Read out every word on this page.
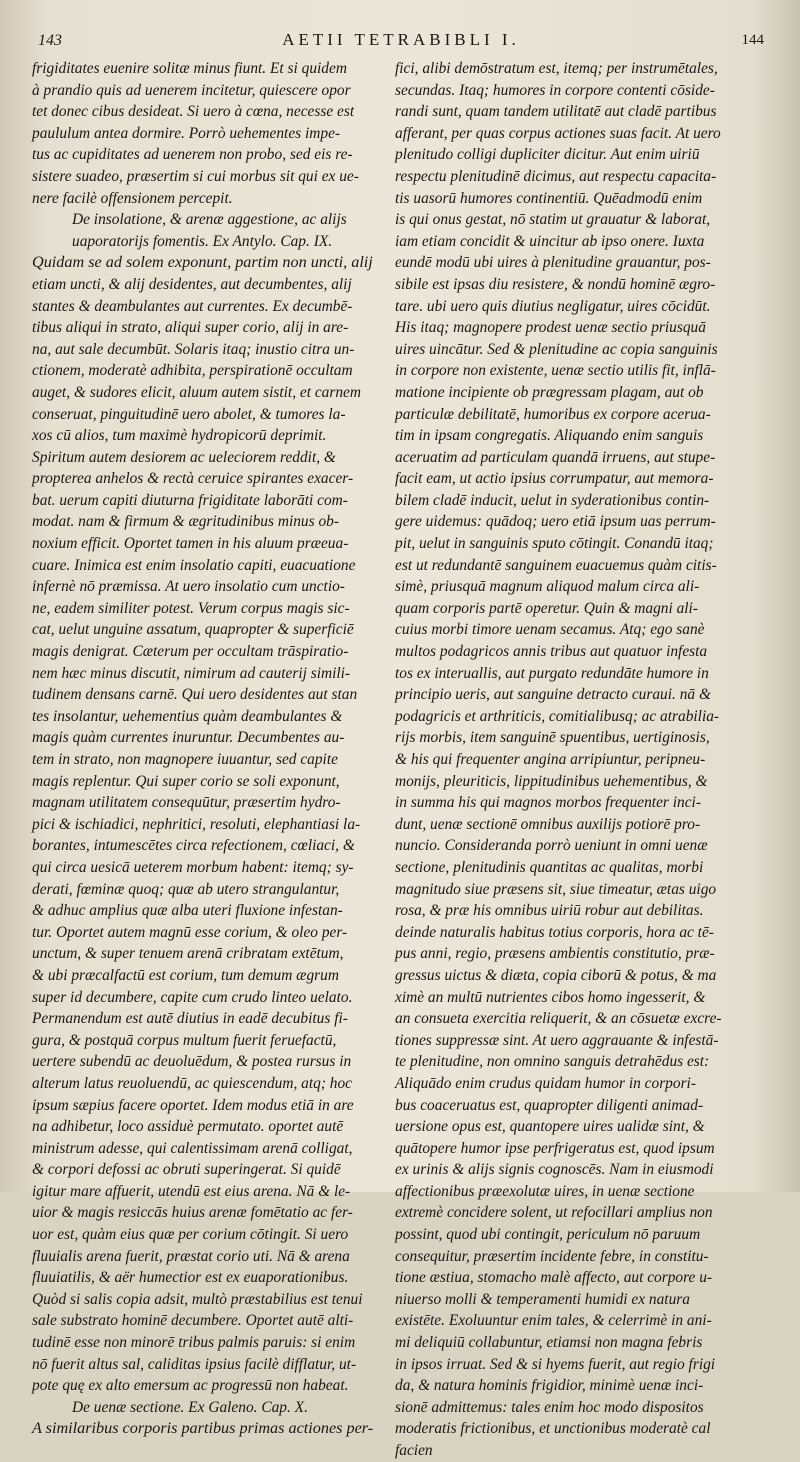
143	AETII TETRABIBLI I.	144
frigiditates euenire solitæ minus fiunt. Et si quidem
à prandio quis ad uenerem incitetur, quiescere opor
tet donec cibus desideat. Si uero à cœna, necesse est
paululum antea dormire. Porrò uehementes impe-
tus ac cupiditates ad uenerem non probo, sed eis re-
sistere suadeo, præsertim si cui morbus sit qui ex ue-
nere facilè offensionem percepit.
De insolatione, & arenæ aggestione, ac alijs
uaporatorijs fomentis. Ex Antylo. Cap. IX.
Quidam se ad solem exponunt, partim non uncti, alij
etiam uncti, & alij desidentes, aut decumbentes, alij
stantes & deambulantes aut currentes. Ex decumbē-
tibus aliqui in strato, aliqui super corio, alij in are-
na, aut sale decumbūt. Solaris itaq; inustio citra un-
ctionem, moderatè adhibita, perspirationē occultam
auget, & sudores elicit, aluum autem sistit, et carnem
conseruat, pinguitudinē uero abolet, & tumores la-
xos cū alios, tum maximè hydropicorū deprimit.
Spiritum autem desiorem ac ueleciorem reddit, &
propterea anhelos & rectà ceruice spirantes exacer-
bat. uerum capiti diuturna frigiditate laborāti com-
modat. nam & firmum & ægritudinibus minus ob-
noxium efficit. Oportet tamen in his aluum præeua-
cuare. Inimica est enim insolatio capiti, euacuatione
infernè nō præmissa. At uero insolatio cum unctio-
ne, eadem similiter potest. Verum corpus magis sic-
cat, uelut unguine assatum, quapropter & superficiē
magis denigrat. Cæterum per occultam trāspiratio-
nem hæc minus discutit, nimirum ad cauterij simili-
tudinem densans carnē. Qui uero desidentes aut stan
tes insolantur, uehementius quàm deambulantes &
magis quàm currentes inuruntur. Decumbentes au-
tem in strato, non magnopere iuuantur, sed capite
magis replentur. Qui super corio se soli exponunt,
magnam utilitatem consequūtur, præsertim hydro-
pici & ischiadici, nephritici, resoluti, elephantiasi la-
borantes, intumescētes circa refectionem, cœliaci, &
qui circa uesicā ueterem morbum habent: itemq; sy-
derati, fœminæ quoq; quæ ab utero strangulantur,
& adhuc amplius quæ alba uteri fluxione infestan-
tur. Oportet autem magnū esse corium, & oleo per-
unctum, & super tenuem arenā cribratam extētum,
& ubi præcalfactū est corium, tum demum ægrum
super id decumbere, capite cum crudo linteo uelato.
Permanendum est autē diutius in eadē decubitus fi-
gura, & postquā corpus multum fuerit feruefactū,
uertere subendū ac deuoluēdum, & postea rursus in
alterum latus reuoluendū, ac quiescendum, atq; hoc
ipsum sæpius facere oportet. Idem modus etiā in are
na adhibetur, loco assiduè permutato. oportet autē
ministrum adesse, qui calentissimam arenā colligat,
& corpori defossi ac obruti superingerat. Si quidē
igitur mare affuerit, utendū est eius arena. Nā & le-
uior & magis resiccās huius arenæ fomētatio ac fer-
uor est, quàm eius quæ per corium cōtingit. Si uero
fluuialis arena fuerit, præstat corio uti. Nā & arena
fluuiatilis, & aër humectior est ex euaporationibus.
Quòd si salis copia adsit, multò præstabilius est tenui
sale substrato hominē decumbere. Oportet autē alti-
tudinē esse non minorē tribus palmis paruis: si enim
nō fuerit altus sal, caliditas ipsius facilè difflatur, ut-
pote quę ex alto emersum ac progressū non habeat.
De uenæ sectione. Ex Galeno. Cap. X.
A similaribus corporis partibus primas actiones per-
fici, alibi demōstratum est, itemq; per instrumētales,
secundas. Itaq; humores in corpore contenti cōside-
randi sunt, quam tandem utilitatē aut cladē partibus
afferant, per quas corpus actiones suas facit. At uero
plenitudo colligi dupliciter dicitur. Aut enim uiriū
respectu plenitudinē dicimus, aut respectu capacita-
tis uasorū humores continentiū. Quēadmodū enim
is qui onus gestat, nō statim ut grauatur & laborat,
iam etiam concidit & uincitur ab ipso onere. Iuxta
eundē modū ubi uires à plenitudine grauantur, pos-
sibile est ipsas diu resistere, & nondū hominē ægro-
tare. ubi uero quis diutius negligatur, uires cōcidūt.
His itaq; magnopere prodest uenæ sectio priusquā
uires uincātur. Sed & plenitudine ac copia sanguinis
in corpore non existente, uenæ sectio utilis fit, inflā-
matione incipiente ob prægressam plagam, aut ob
particulæ debilitatē, humoribus ex corpore acerua-
tim in ipsam congregatis. Aliquando enim sanguis
aceruatim ad particulam quandā irruens, aut stupe-
facit eam, ut actio ipsius corrumpatur, aut memora-
bilem cladē inducit, uelut in syderationibus contin-
gere uidemus: quādoq; uero etiā ipsum uas perrum-
pit, uelut in sanguinis sputo cōtingit. Conandū itaq;
est ut redundantē sanguinem euacuemus quàm citis-
simè, priusquā magnum aliquod malum circa ali-
quam corporis partē operetur. Quin & magni ali-
cuius morbi timore uenam secamus. Atq; ego sanè
multos podagricos annis tribus aut quatuor infesta
tos ex interuallis, aut purgato redundāte humore in
principio ueris, aut sanguine detracto curaui. nā &
podagricis et arthriticis, comitialibusq; ac atrabilia-
rijs morbis, item sanguinē spuentibus, uertiginosis,
& his qui frequenter angina arripiuntur, peripneu-
monijs, pleuriticis, lippitudinibus uehementibus, &
in summa his qui magnos morbos frequenter inci-
dunt, uenæ sectionē omnibus auxilijs potiorē pro-
nuncio. Consideranda porrò ueniunt in omni uenæ
sectione, plenitudinis quantitas ac qualitas, morbi
magnitudo siue præsens sit, siue timeatur, ætas uigo
rosa, & præ his omnibus uiriū robur aut debilitas.
deinde naturalis habitus totius corporis, hora ac tē-
pus anni, regio, præsens ambientis constitutio, præ-
gressus uictus & diæta, copia ciborū & potus, & ma
ximè an multū nutrientes cibos homo ingesserit, &
an consueta exercitia reliquerit, & an cōsuetæ excre-
tiones suppressæ sint. At uero aggrauante & infestā-
te plenitudine, non omnino sanguis detrahēdus est:
Aliquādo enim crudus quidam humor in corpori-
bus coaceruatus est, quapropter diligenti animad-
uersione opus est, quantopere uires ualidæ sint, &
quātopere humor ipse perfrigeratus est, quod ipsum
ex urinis & alijs signis cognoscēs. Nam in eiusmodi
affectionibus præexolutæ uires, in uenæ sectione
extremè concidere solent, ut refocillari amplius non
possint, quod ubi contingit, periculum nō paruum
consequitur, præsertim incidente febre, in constitu-
tione æstiua, stomacho malè affecto, aut corpore u-
niuerso molli & temperamenti humidi ex natura
existēte. Exoluuntur enim tales, & celerrimè in ani-
mi deliquiū collabuntur, etiamsi non magna febris
in ipsos irruat. Sed & si hyems fuerit, aut regio frigi
da, & natura hominis frigidior, minimè uenæ inci-
sionē admittemus: tales enim hoc modo dispositos
moderatis frictionibus, et unctionibus moderatè cal
facien
